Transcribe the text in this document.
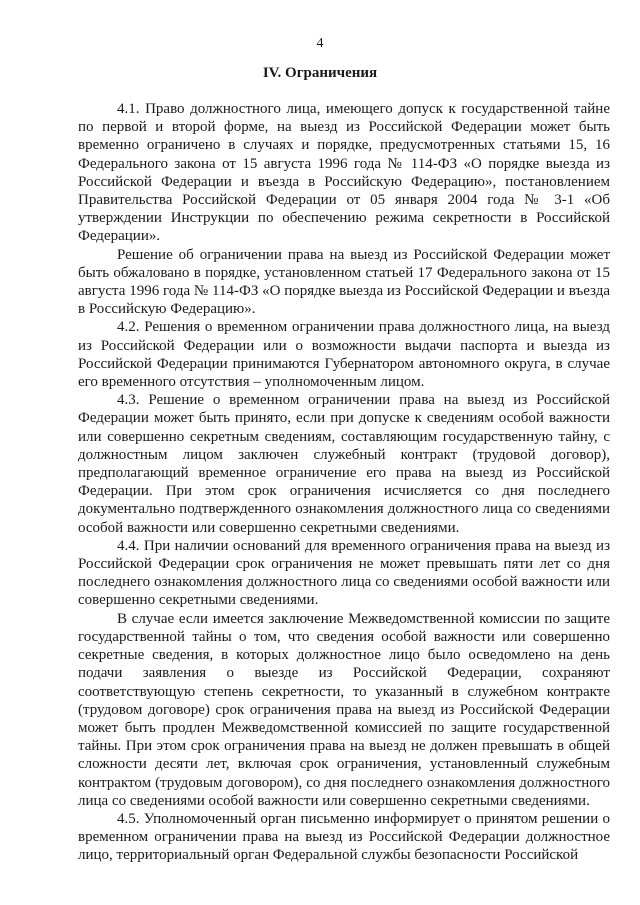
4
IV. Ограничения

4.1. Право должностного лица, имеющего допуск к государственной тайне по первой и второй форме, на выезд из Российской Федерации может быть временно ограничено в случаях и порядке, предусмотренных статьями 15, 16 Федерального закона от 15 августа 1996 года № 114-ФЗ «О порядке выезда из Российской Федерации и въезда в Российскую Федерацию», постановлением Правительства Российской Федерации от 05 января 2004 года № 3-1 «Об утверждении Инструкции по обеспечению режима секретности в Российской Федерации».

Решение об ограничении права на выезд из Российской Федерации может быть обжаловано в порядке, установленном статьей 17 Федерального закона от 15 августа 1996 года № 114-ФЗ «О порядке выезда из Российской Федерации и въезда в Российскую Федерацию».

4.2. Решения о временном ограничении права должностного лица, на выезд из Российской Федерации или о возможности выдачи паспорта и выезда из Российской Федерации принимаются Губернатором автономного округа, в случае его временного отсутствия – уполномоченным лицом.

4.3. Решение о временном ограничении права на выезд из Российской Федерации может быть принято, если при допуске к сведениям особой важности или совершенно секретным сведениям, составляющим государственную тайну, с должностным лицом заключен служебный контракт (трудовой договор), предполагающий временное ограничение его права на выезд из Российской Федерации. При этом срок ограничения исчисляется со дня последнего документально подтвержденного ознакомления должностного лица со сведениями особой важности или совершенно секретными сведениями.

4.4. При наличии оснований для временного ограничения права на выезд из Российской Федерации срок ограничения не может превышать пяти лет со дня последнего ознакомления должностного лица со сведениями особой важности или совершенно секретными сведениями.

В случае если имеется заключение Межведомственной комиссии по защите государственной тайны о том, что сведения особой важности или совершенно секретные сведения, в которых должностное лицо было осведомлено на день подачи заявления о выезде из Российской Федерации, сохраняют соответствующую степень секретности, то указанный в служебном контракте (трудовом договоре) срок ограничения права на выезд из Российской Федерации может быть продлен Межведомственной комиссией по защите государственной тайны. При этом срок ограничения права на выезд не должен превышать в общей сложности десяти лет, включая срок ограничения, установленный служебным контрактом (трудовым договором), со дня последнего ознакомления должностного лица со сведениями особой важности или совершенно секретными сведениями.

4.5. Уполномоченный орган письменно информирует о принятом решении о временном ограничении права на выезд из Российской Федерации должностное лицо, территориальный орган Федеральной службы безопасности Российской
